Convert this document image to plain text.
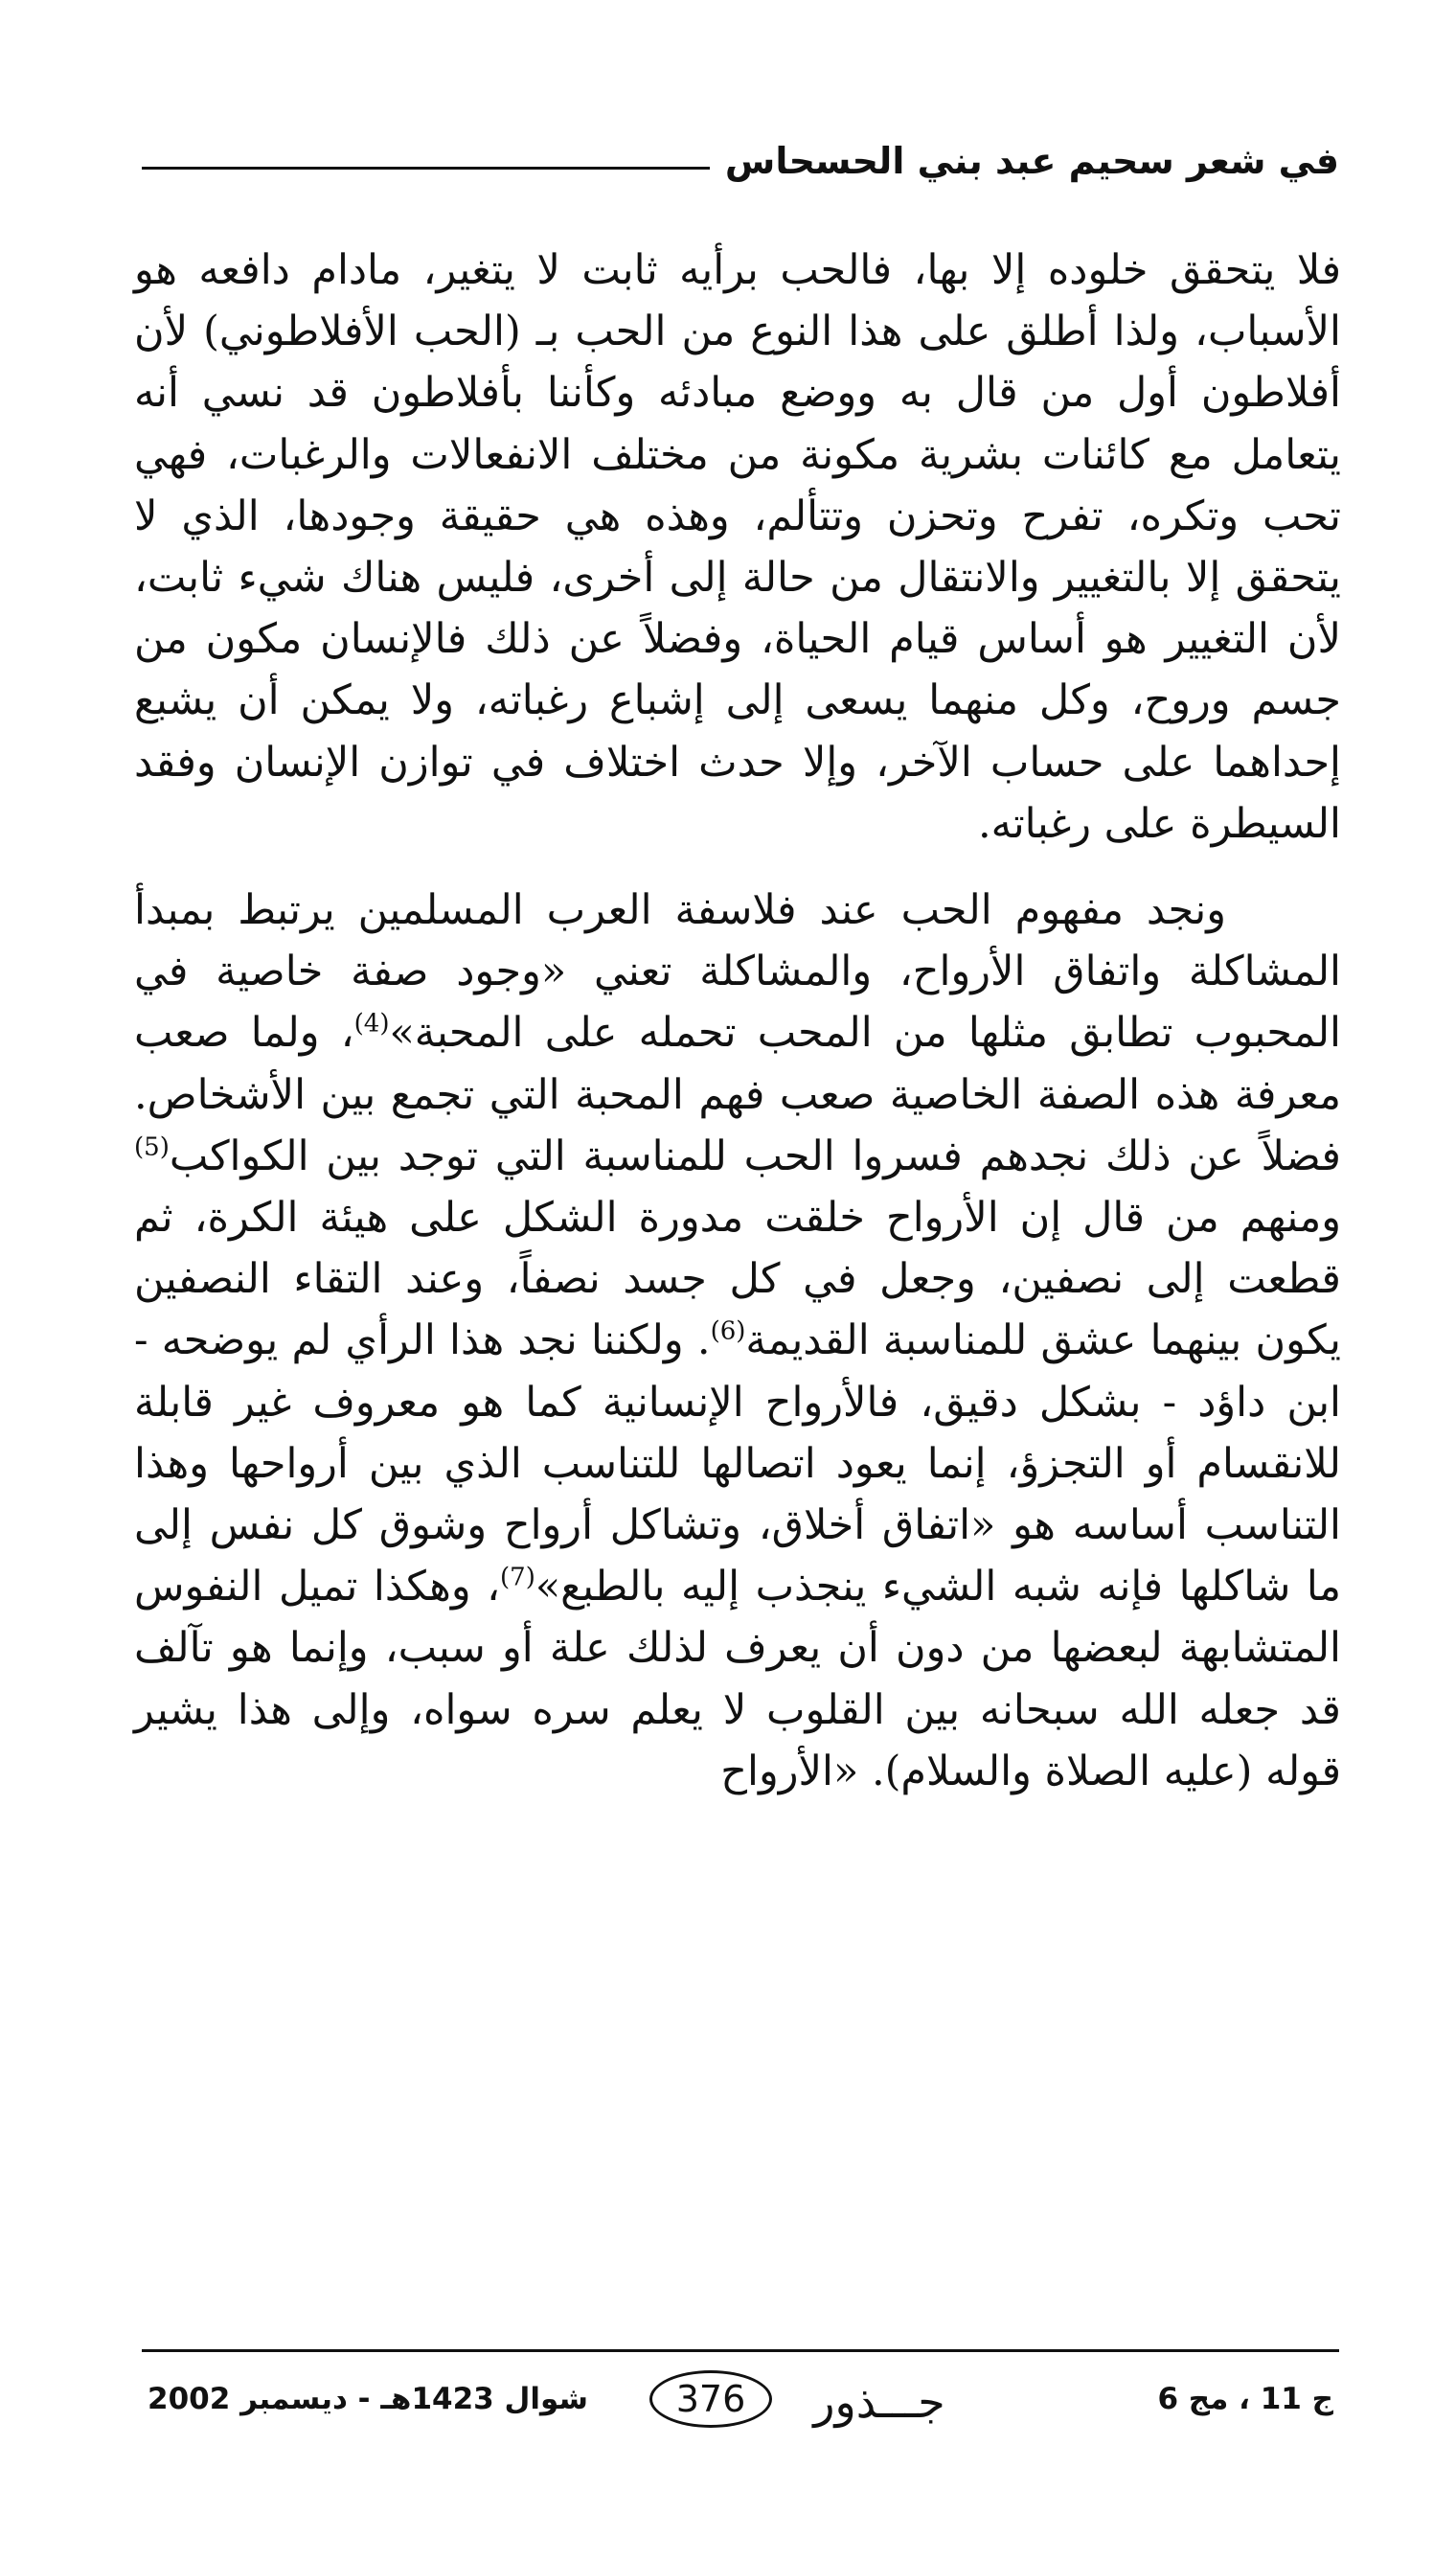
في شعر سحيم عبد بني الحسحاس

فلا يتحقق خلوده إلا بها، فالحب برأيه ثابت لا يتغير، مادام دافعه هو الأسباب، ولذا أطلق على هذا النوع من الحب بـ (الحب الأفلاطوني) لأن أفلاطون أول من قال به ووضع مبادئه وكأننا بأفلاطون قد نسي أنه يتعامل مع كائنات بشرية مكونة من مختلف الانفعالات والرغبات، فهي تحب وتكره، تفرح وتحزن وتتألم، وهذه هي حقيقة وجودها، الذي لا يتحقق إلا بالتغيير والانتقال من حالة إلى أخرى، فليس هناك شيء ثابت، لأن التغيير هو أساس قيام الحياة، وفضلاً عن ذلك فالإنسان مكون من جسم وروح، وكل منهما يسعى إلى إشباع رغباته، ولا يمكن أن يشبع إحداهما على حساب الآخر، وإلا حدث اختلاف في توازن الإنسان وفقد السيطرة على رغباته.

ونجد مفهوم الحب عند فلاسفة العرب المسلمين يرتبط بمبدأ المشاكلة واتفاق الأرواح، والمشاكلة تعني «وجود صفة خاصية في المحبوب تطابق مثلها من المحب تحمله على المحبة»$^{(4)}$، ولما صعب معرفة هذه الصفة الخاصية صعب فهم المحبة التي تجمع بين الأشخاص. فضلاً عن ذلك نجدهم فسروا الحب للمناسبة التي توجد بين الكواكب$^{(5)}$ ومنهم من قال إن الأرواح خلقت مدورة الشكل على هيئة الكرة، ثم قطعت إلى نصفين، وجعل في كل جسد نصفاً، وعند التقاء النصفين يكون بينهما عشق للمناسبة القديمة$^{(6)}$. ولكننا نجد هذا الرأي لم يوضحه - ابن داؤد - بشكل دقيق، فالأرواح الإنسانية كما هو معروف غير قابلة للانقسام أو التجزؤ، إنما يعود اتصالها للتناسب الذي بين أرواحها وهذا التناسب أساسه هو «اتفاق أخلاق، وتشاكل أرواح وشوق كل نفس إلى ما شاكلها فإنه شبه الشيء ينجذب إليه بالطبع»$^{(7)}$، وهكذا تميل النفوس المتشابهة لبعضها من دون أن يعرف لذلك علة أو سبب، وإنما هو تآلف قد جعله الله سبحانه بين القلوب لا يعلم سره سواه، وإلى هذا يشير قوله (عليه الصلاة والسلام). «الأرواح

شوال 1423هـ - ديسمبر 2002	جـــذور
376	ج 11 ، مج 6
